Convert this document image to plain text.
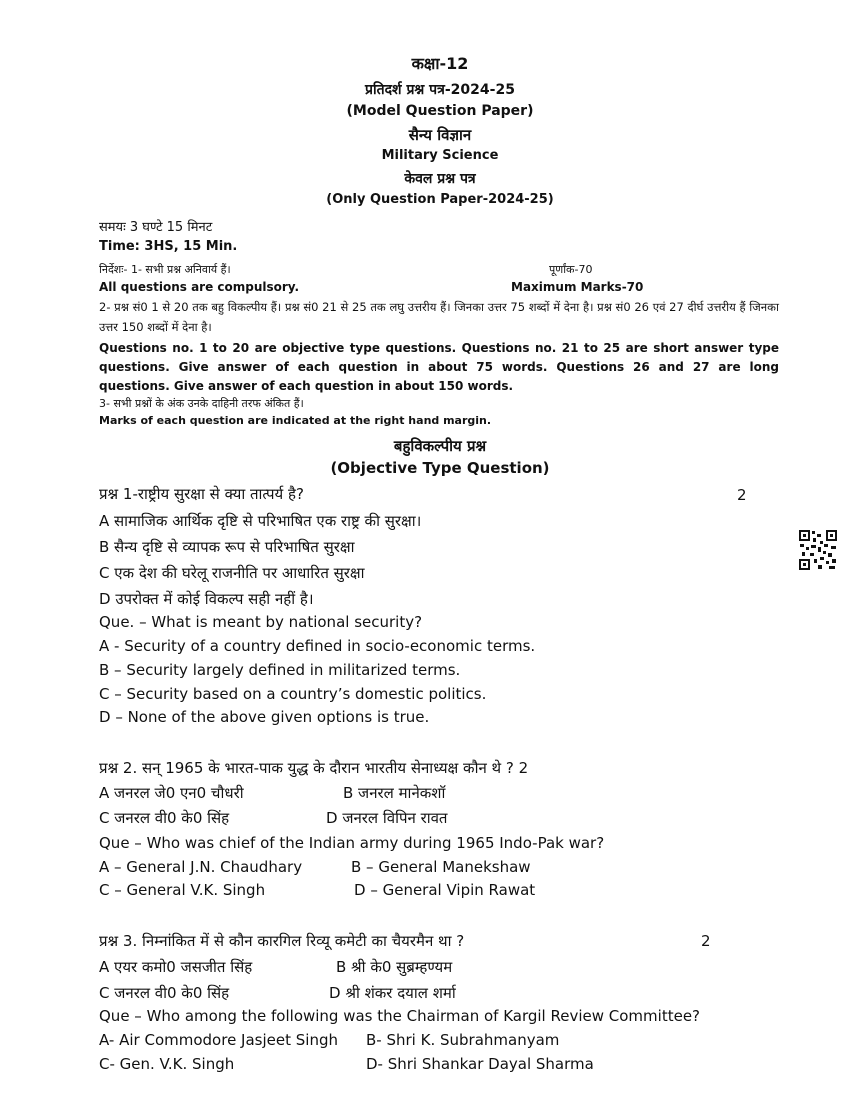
कक्षा-12
प्रतिदर्श प्रश्न पत्र-2024-25
(Model Question Paper)
सैन्य विज्ञान
Military Science
केवल प्रश्न पत्र
(Only Question Paper-2024-25)
समयः 3 घण्टे 15 मिनट
Time: 3HS, 15 Min.
निर्देशः- 1- सभी प्रश्न अनिवार्य हैं।	पूर्णांक-70
All questions are compulsory.	Maximum Marks-70
2- प्रश्न सं0 1 से 20 तक बहु विकल्पीय हैं। प्रश्न सं0 21 से 25 तक लघु उत्तरीय हैं। जिनका उत्तर 75 शब्दों में देना है। प्रश्न सं0 26 एवं 27 दीर्घ उत्तरीय हैं जिनका उत्तर 150 शब्दों में देना है।
Questions no. 1 to 20 are objective type questions. Questions no. 21 to 25 are short answer type questions. Give answer of each question in about 75 words. Questions 26 and 27 are long questions. Give answer of each question in about 150 words.
3- सभी प्रश्नों के अंक उनके दाहिनी तरफ अंकित हैं।
Marks of each question are indicated at the right hand margin.
बहुविकल्पीय प्रश्न
(Objective Type Question)
प्रश्न 1-राष्ट्रीय सुरक्षा से क्या तात्पर्य है?	2
A सामाजिक आर्थिक दृष्टि से परिभाषित एक राष्ट्र की सुरक्षा।
B सैन्य दृष्टि से व्यापक रूप से परिभाषित सुरक्षा
C एक देश की घरेलू राजनीति पर आधारित सुरक्षा
D उपरोक्त में कोई विकल्प सही नहीं है।
Que. – What is meant by national security?
A - Security of a country defined in socio-economic terms.
B – Security largely defined in militarized terms.
C – Security based on a country’s domestic politics.
D – None of the above given options is true.
प्रश्न 2. सन् 1965 के भारत-पाक युद्ध के दौरान भारतीय सेनाध्यक्ष कौन थे ? 2
A जनरल जे0 एन0 चौधरी	B जनरल मानेकशॉ
C जनरल वी0 के0 सिंह	D जनरल विपिन रावत
Que – Who was chief of the Indian army during 1965 Indo-Pak war?
A – General J.N. Chaudhary	B – General Manekshaw
C – General V.K. Singh	D – General Vipin Rawat
प्रश्न 3. निम्नांकित में से कौन कारगिल रिव्यू कमेटी का चैयरमैन था ?	2
A एयर कमो0 जसजीत सिंह	B श्री के0 सुब्रम्हण्यम
C जनरल वी0 के0 सिंह	D श्री शंकर दयाल शर्मा
Que – Who among the following was the Chairman of Kargil Review Committee?
A- Air Commodore Jasjeet Singh B- Shri K. Subrahmanyam
C- Gen. V.K. Singh	D- Shri Shankar Dayal Sharma
